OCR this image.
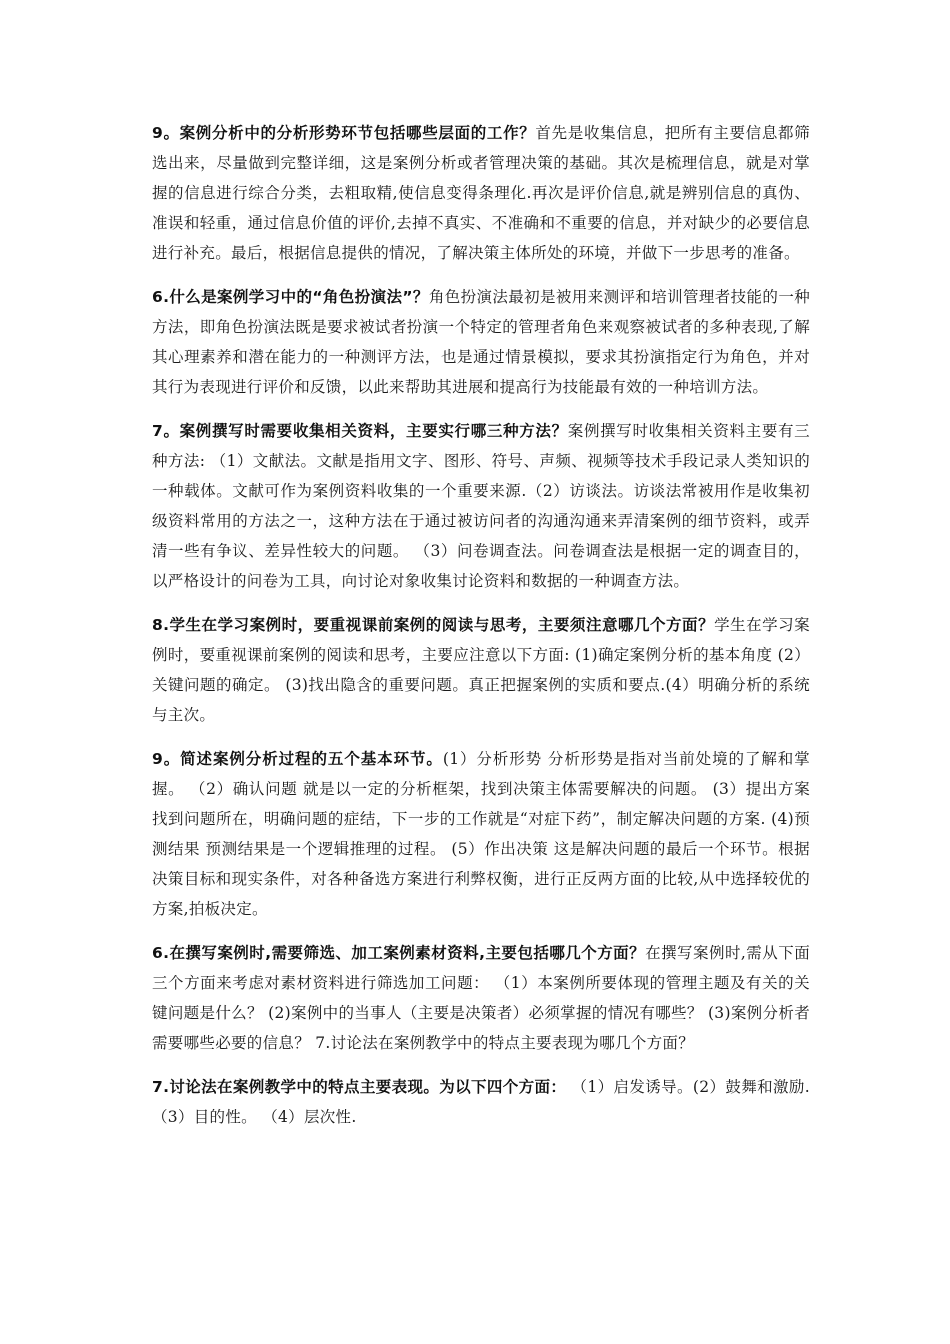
9。案例分析中的分析形势环节包括哪些层面的工作？首先是收集信息，把所有主要信息都筛选出来，尽量做到完整详细，这是案例分析或者管理决策的基础。其次是梳理信息，就是对掌握的信息进行综合分类，去粗取精,使信息变得条理化.再次是评价信息,就是辨别信息的真伪、准误和轻重，通过信息价值的评价,去掉不真实、不准确和不重要的信息，并对缺少的必要信息进行补充。最后，根据信息提供的情况，了解决策主体所处的环境，并做下一步思考的准备。

6.什么是案例学习中的“角色扮演法”？角色扮演法最初是被用来测评和培训管理者技能的一种方法，即角色扮演法既是要求被试者扮演一个特定的管理者角色来观察被试者的多种表现,了解其心理素养和潜在能力的一种测评方法，也是通过情景模拟，要求其扮演指定行为角色，并对其行为表现进行评价和反馈，以此来帮助其进展和提高行为技能最有效的一种培训方法。

7。案例撰写时需要收集相关资料，主要实行哪三种方法？案例撰写时收集相关资料主要有三种方法: （1）文献法。文献是指用文字、图形、符号、声频、视频等技术手段记录人类知识的一种载体。文献可作为案例资料收集的一个重要来源.（2）访谈法。访谈法常被用作是收集初级资料常用的方法之一，这种方法在于通过被访问者的沟通沟通来弄清案例的细节资料，或弄清一些有争议、差异性较大的问题。 （3）问卷调查法。问卷调查法是根据一定的调查目的，以严格设计的问卷为工具，向讨论对象收集讨论资料和数据的一种调查方法。

8.学生在学习案例时，要重视课前案例的阅读与思考，主要须注意哪几个方面？学生在学习案例时，要重视课前案例的阅读和思考，主要应注意以下方面: (1)确定案例分析的基本角度 (2）关键问题的确定。 (3)找出隐含的重要问题。真正把握案例的实质和要点.(4）明确分析的系统与主次。

9。简述案例分析过程的五个基本环节。(1）分析形势 分析形势是指对当前处境的了解和掌握。 （2）确认问题 就是以一定的分析框架，找到决策主体需要解决的问题。 (3）提出方案 找到问题所在，明确问题的症结，下一步的工作就是“对症下药”，制定解决问题的方案. (4)预测结果 预测结果是一个逻辑推理的过程。 (5）作出决策 这是解决问题的最后一个环节。根据决策目标和现实条件，对各种备选方案进行利弊权衡，进行正反两方面的比较,从中选择较优的方案,拍板决定。

6.在撰写案例时,需要筛选、加工案例素材资料,主要包括哪几个方面？在撰写案例时,需从下面三个方面来考虑对素材资料进行筛选加工问题： （1）本案例所要体现的管理主题及有关的关键问题是什么？ (2)案例中的当事人（主要是决策者）必须掌握的情况有哪些？ (3)案例分析者需要哪些必要的信息？ 7.讨论法在案例教学中的特点主要表现为哪几个方面？

7.讨论法在案例教学中的特点主要表现。为以下四个方面： （1）启发诱导。(2）鼓舞和激励.（3）目的性。 （4）层次性.
